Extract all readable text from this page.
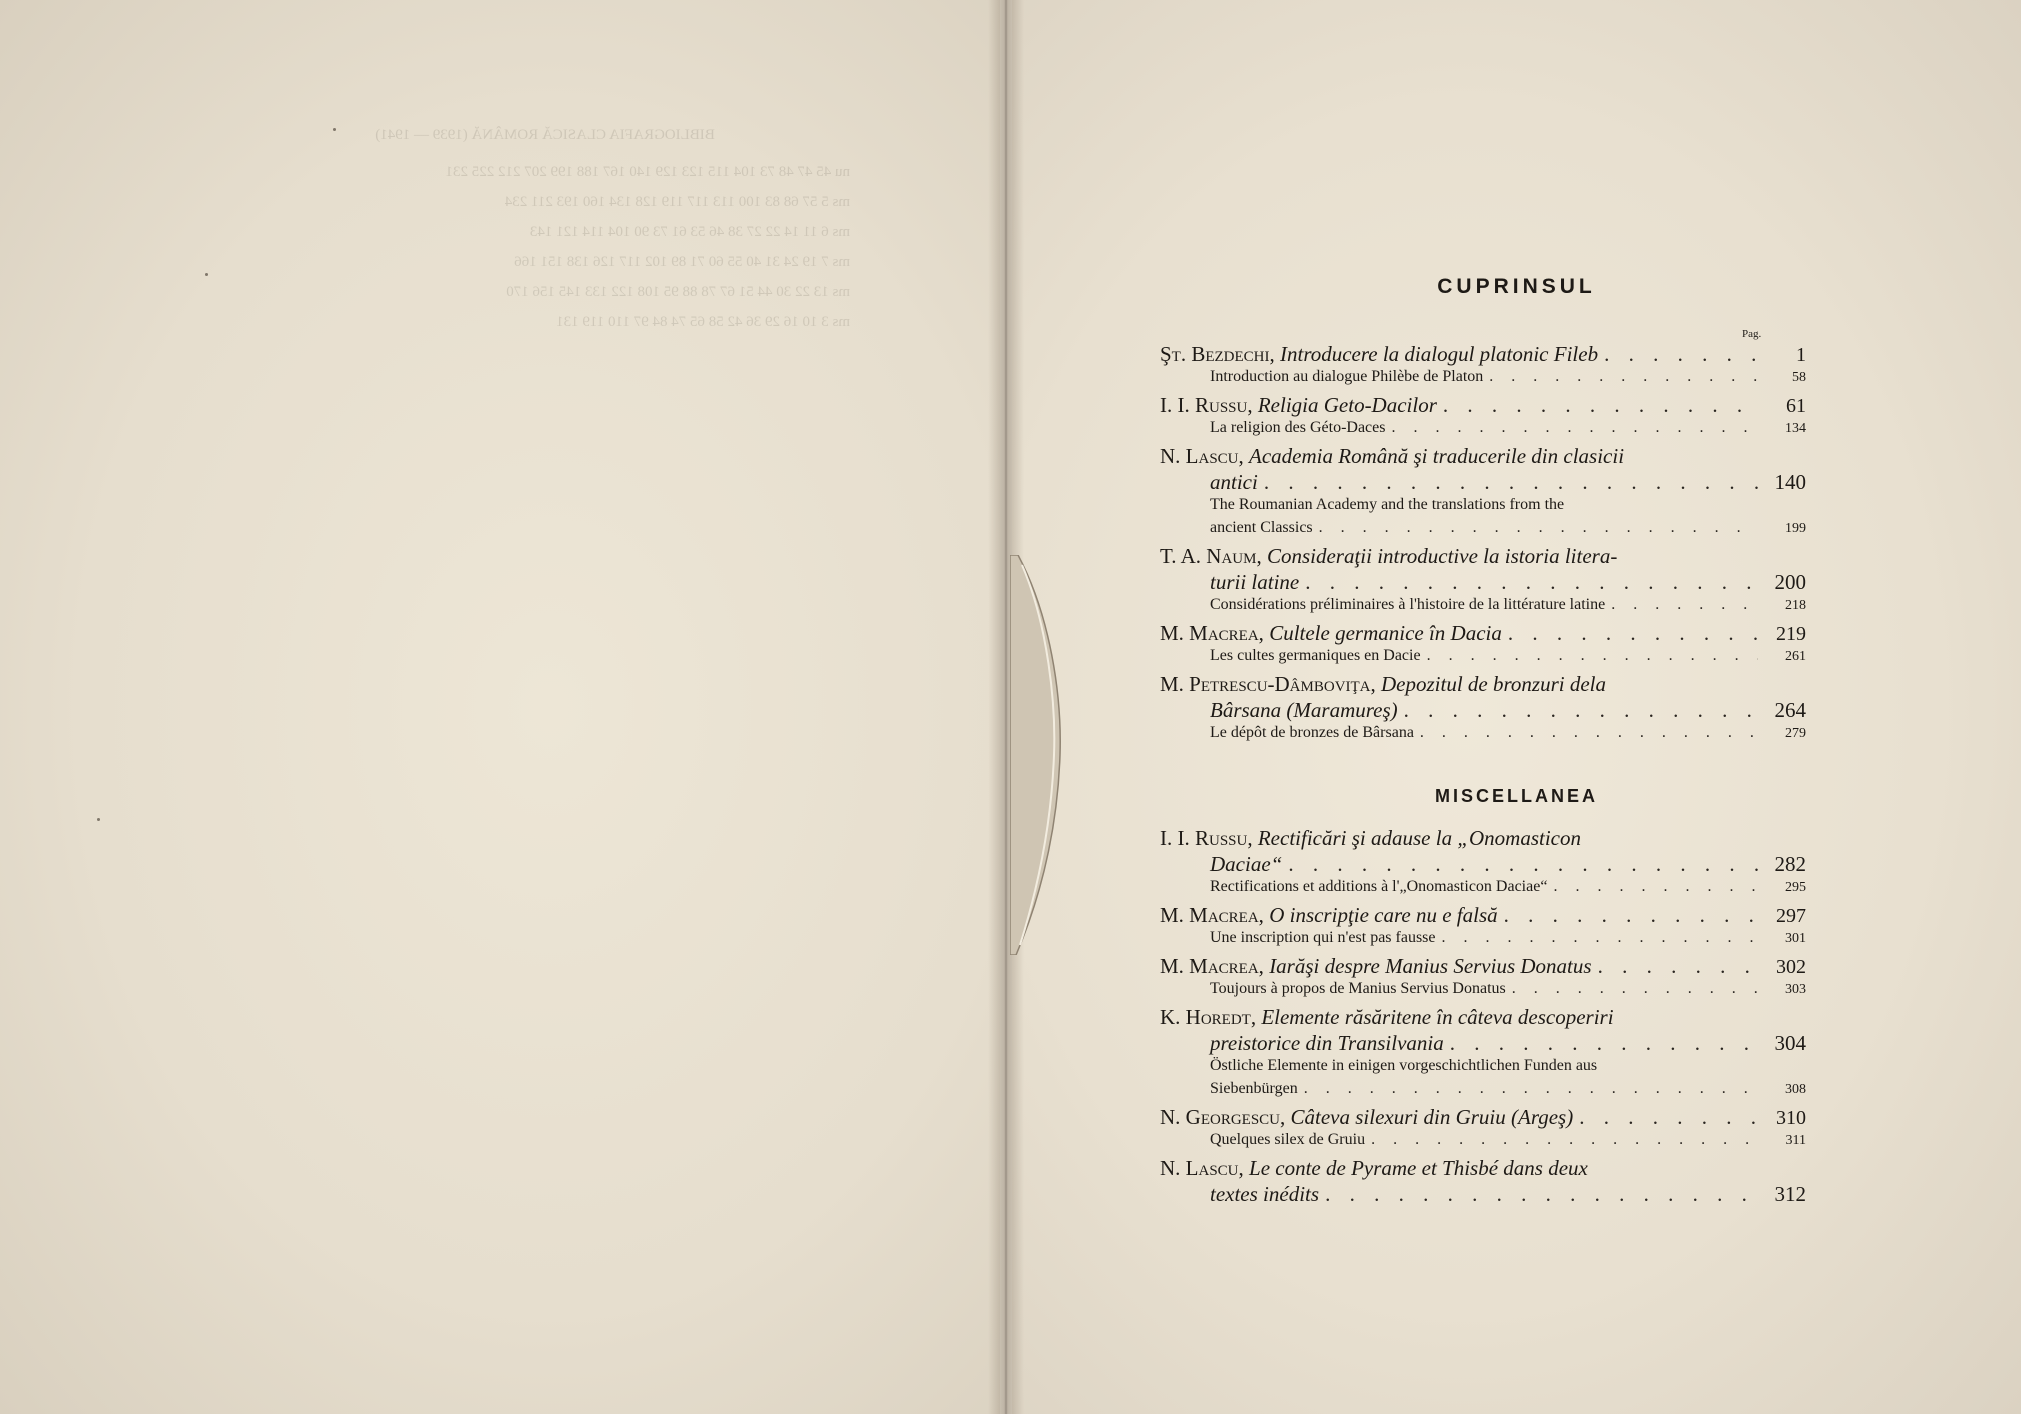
BIBLIOGRAFIA CLASICĂ ROMÂNĂ (1939 — 1941)

nu 45 47 48 73 104 115 123 129 140 167 188 199 207 212 225 231

ms 5 57 68 83 100 113 117 119 128 134 160 193 211 234

ms 6 11 14 22 27 38 46 53 61 73 90 104 114 121 143

ms 7 19 24 31 40 55 60 71 89 102 117 126 138 151 166

ms 13 22 30 44 51 67 78 88 95 108 122 133 145 156 170

ms 3 10 16 29 36 42 58 65 74 84 97 110 119 131

CUPRINSUL
Pag.
Şt. Bezdechi,
Introducere la dialogul platonic Fileb . . .	1
Introduction au dialogue Philèbe de Platon . . .	58
I. I. Russu,
Religia Geto-Dacilor . . .	61
La religion des Géto-Daces . . .	134
N. Lascu,
Academia Română şi traducerile din clasicii
antici . . .	140
The Roumanian Academy and the translations from the
ancient Classics . . .	199
T. A. Naum,
Consideraţii introductive la istoria litera-
turii latine . . .	200
Considérations préliminaires à l'histoire de la littérature latine . . .	218
M. Macrea,
Cultele germanice în Dacia . . .	219
Les cultes germaniques en Dacie . . .	261
M. Petrescu-Dâmboviţa,
Depozitul de bronzuri dela
Bârsana (Maramureş) . . .	264
Le dépôt de bronzes de Bârsana . . .	279
MISCELLANEA
I. I. Russu,
Rectificări şi adause la „Onomasticon
Daciae“ . . .	282
Rectifications et additions à l'„Onomasticon Daciae“ . . .	295
M. Macrea,
O inscripţie care nu e falsă . . .	297
Une inscription qui n'est pas fausse . . .	301
M. Macrea,
Iarăşi despre Manius Servius Donatus . . .	302
Toujours à propos de Manius Servius Donatus . . .	303
K. Horedt,
Elemente răsăritene în câteva descoperiri
preistorice din Transilvania . . .	304
Östliche Elemente in einigen vorgeschichtlichen Funden aus
Siebenbürgen . . .	308
N. Georgescu,
Câteva silexuri din Gruiu (Argeş) . . .	310
Quelques silex de Gruiu . . .	311
N. Lascu,
Le conte de Pyrame et Thisbé dans deux
textes inédits . . .	312
